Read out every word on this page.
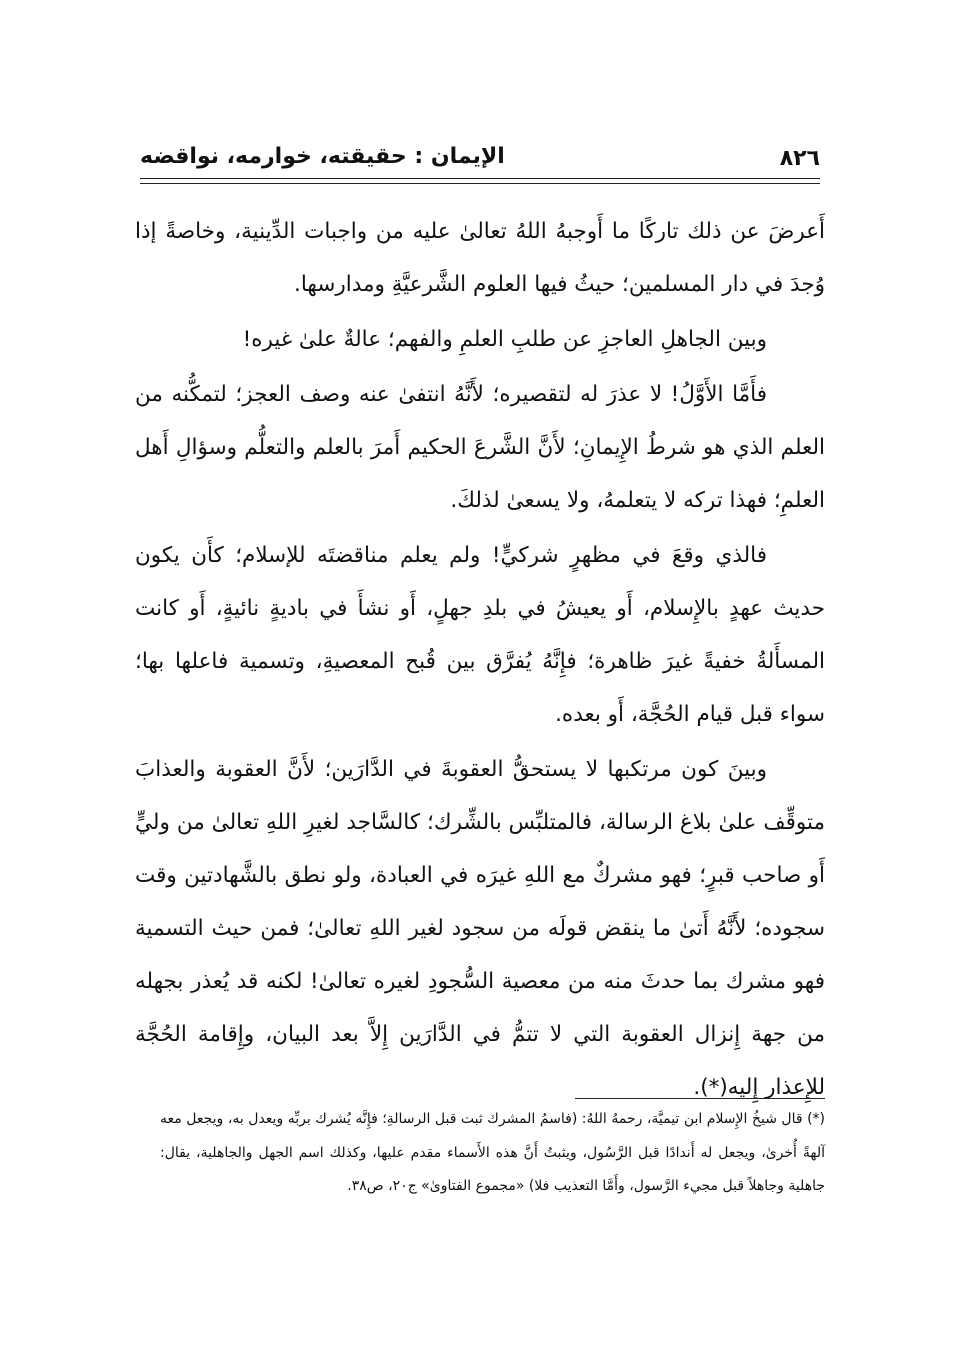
٨٢٦
الإيمان : حقيقته، خوارمه، نواقضه

أَعرضَ عن ذلك تاركًا ما أَوجبهُ اللهُ تعالىٰ عليه من واجبات الدِّينية، وخاصةً إذا وُجدَ في دار المسلمين؛ حيثُ فيها العلوم الشَّرعيَّةِ ومدارسها.

وبين الجاهلِ العاجزِ عن طلبِ العلمِ والفهم؛ عالةٌ علىٰ غيره!

فأَمَّا الأَوَّلُ! لا عذرَ له لتقصيره؛ لأَنَّهُ انتفىٰ عنه وصف العجز؛ لتمكُّنه من العلم الذي هو شرطُ الإِيمانِ؛ لأَنَّ الشَّرعَ الحكيم أَمرَ بالعلم والتعلُّم وسؤالِ أَهل العلمِ؛ فهذا تركه لا يتعلمهُ، ولا يسعىٰ لذلكَ.

فالذي وقعَ في مظهرٍ شركيٍّ! ولم يعلم مناقضتَه للإسلام؛ كأَن يكون حديث عهدٍ بالإِسلام، أَو يعيشُ في بلدِ جهلٍ، أَو نشأَ في باديةٍ نائيةٍ، أَو كانت المسأَلةُ خفيةً غيرَ ظاهرة؛ فإِنَّهُ يُفرَّق بين قُبح المعصيةِ، وتسمية فاعلها بها؛ سواء قبل قيام الحُجَّة، أَو بعده.

وبينَ كون مرتكبها لا يستحقُّ العقوبةَ في الدَّارَين؛ لأَنَّ العقوبة والعذابَ متوقِّف علىٰ بلاغ الرسالة، فالمتلبِّس بالشِّرك؛ كالسَّاجد لغيرِ اللهِ تعالىٰ من وليٍّ أَو صاحب قبرٍ؛ فهو مشركٌ مع اللهِ غيرَه في العبادة، ولو نطق بالشَّهادتين وقت سجوده؛ لأَنَّهُ أَتىٰ ما ينقض قولَه من سجود لغير اللهِ تعالىٰ؛ فمن حيث التسمية فهو مشرك بما حدثَ منه من معصية السُّجودِ لغيره تعالىٰ! لكنه قد يُعذر بجهله من جهة إِنزال العقوبة التي لا تتمُّ في الدَّارَين إِلاَّ بعد البيان، وإِقامة الحُجَّة للإِعذار إِليه(*).

(*) قال شيخُ الإِسلام ابن تيميَّة، رحمهُ اللهُ: (فاسمُ المشرك ثبت قبل الرسالةِ؛ فإِنَّه يُشرك بربِّه ويعدل به، ويجعل معه آلهةً أُخرىٰ، ويجعل له أَندادًا قبل الرَّسُول، ويثبتُ أَنَّ هذه الأَسماء مقدم عليها، وكذلك اسم الجهل والجاهلية، يقال: جاهلية وجاهلاً قبل مجيء الرَّسول، وأَمَّا التعذيب فلا) «مجموع الفتاوىٰ» ج٢٠، ص٣٨.
